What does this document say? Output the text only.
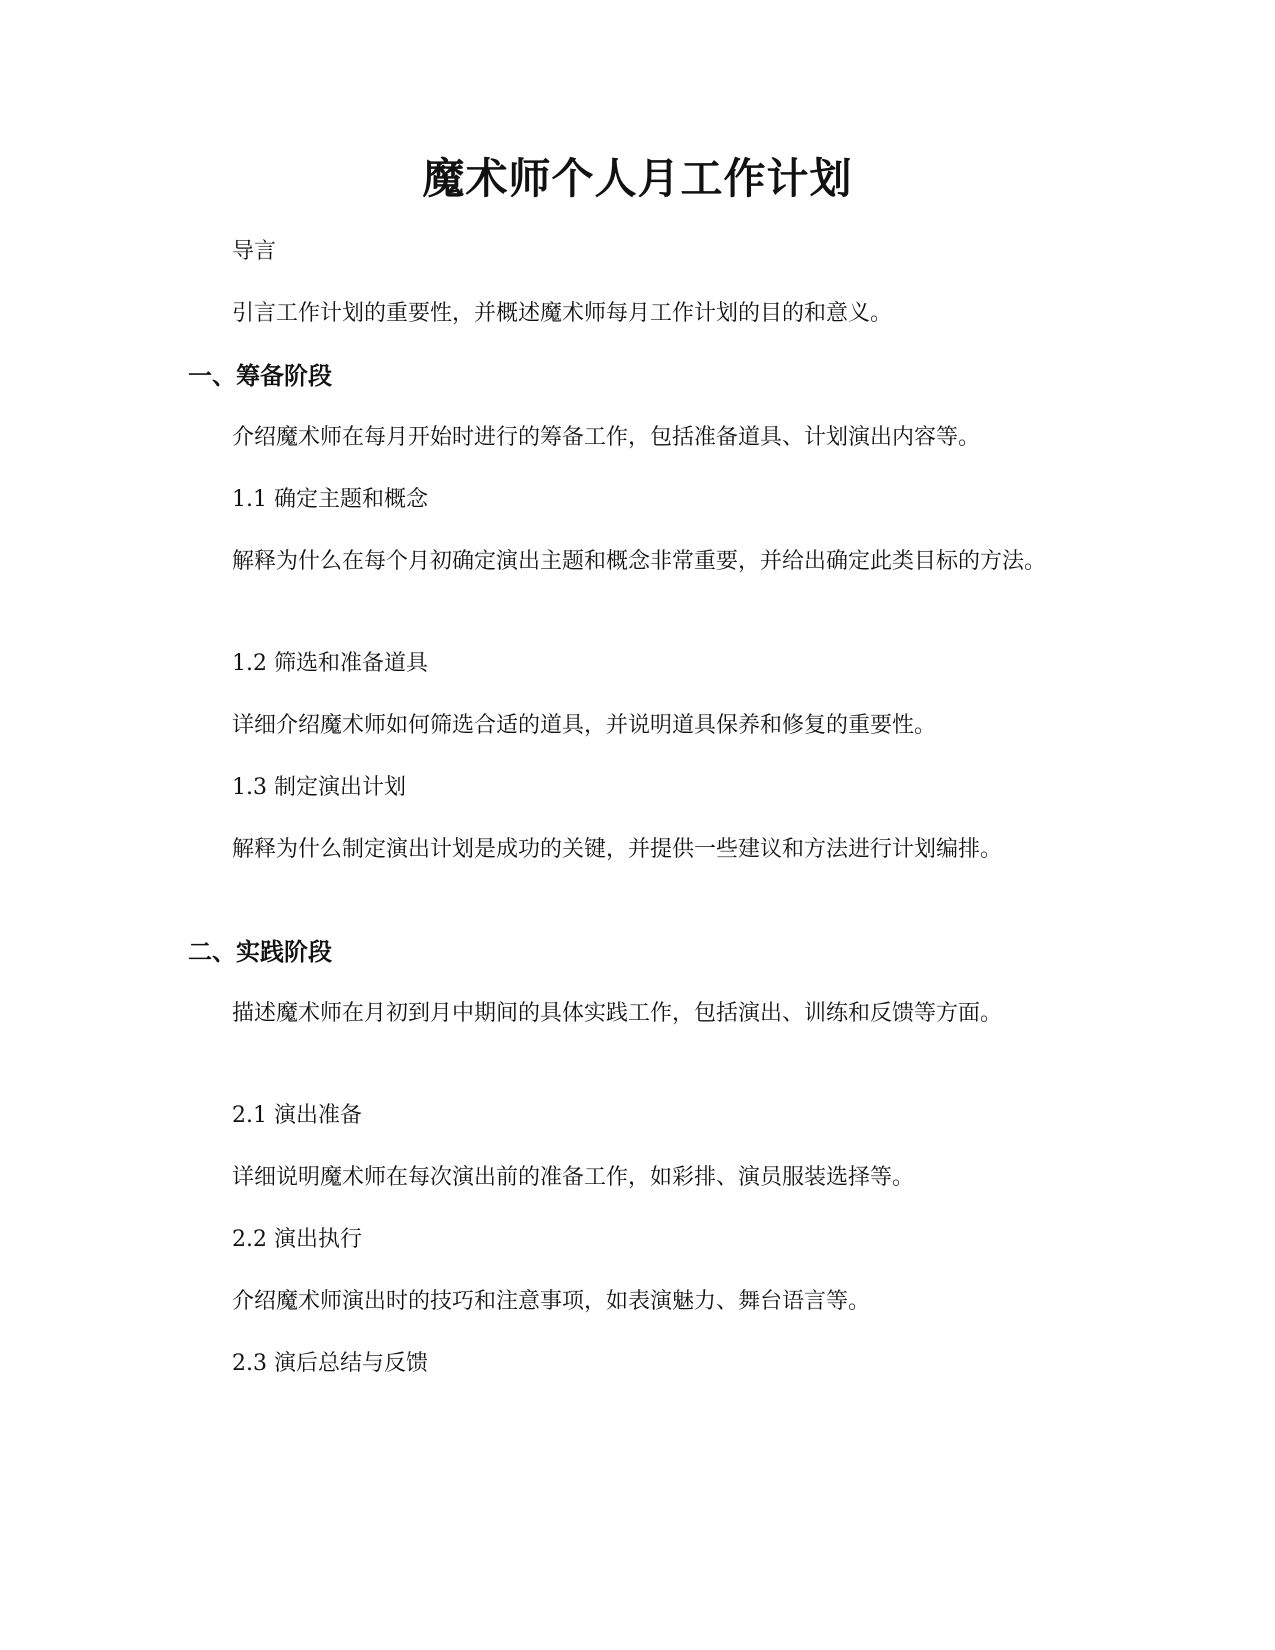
魔术师个人月工作计划
导言
引言工作计划的重要性，并概述魔术师每月工作计划的目的和意义。
一、筹备阶段
介绍魔术师在每月开始时进行的筹备工作，包括准备道具、计划演出内容等。
1.1 确定主题和概念
解释为什么在每个月初确定演出主题和概念非常重要，并给出确定此类目标的方法。
1.2 筛选和准备道具
详细介绍魔术师如何筛选合适的道具，并说明道具保养和修复的重要性。
1.3 制定演出计划
解释为什么制定演出计划是成功的关键，并提供一些建议和方法进行计划编排。
二、实践阶段
描述魔术师在月初到月中期间的具体实践工作，包括演出、训练和反馈等方面。
2.1 演出准备
详细说明魔术师在每次演出前的准备工作，如彩排、演员服装选择等。
2.2 演出执行
介绍魔术师演出时的技巧和注意事项，如表演魅力、舞台语言等。
2.3 演后总结与反馈
